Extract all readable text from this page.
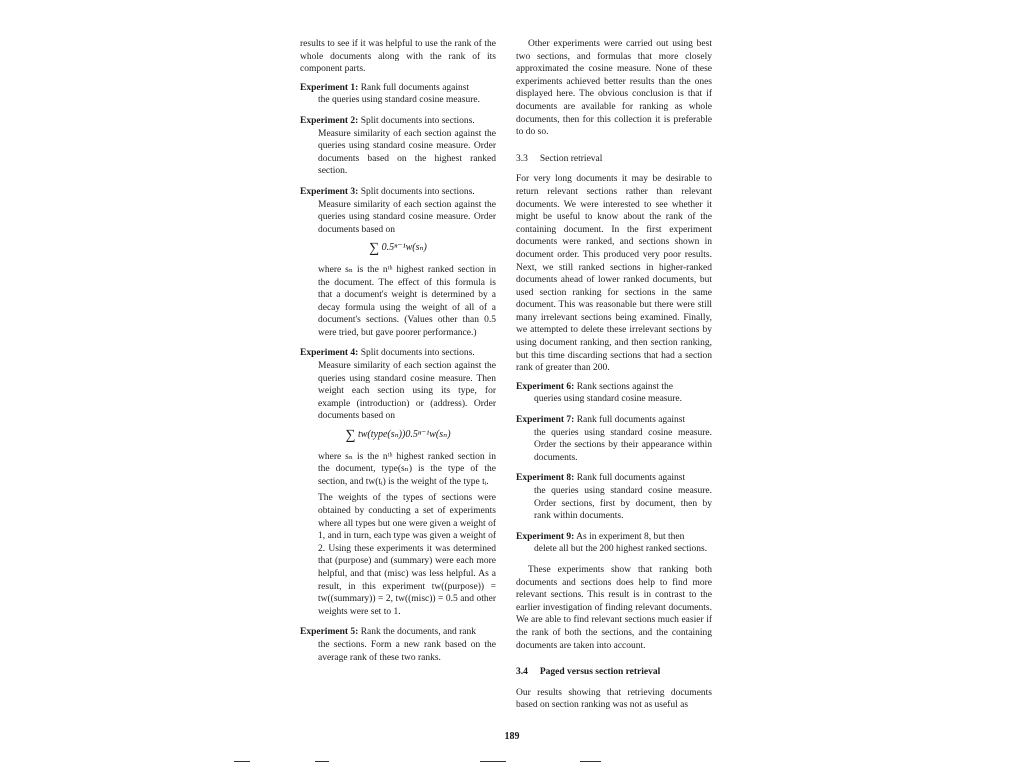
results to see if it was helpful to use the rank of the whole documents along with the rank of its component parts.

Experiment 1: Rank full documents against
the queries using standard cosine measure.
Experiment 2: Split documents into sections.
Measure similarity of each section against the queries using standard cosine measure. Order documents based on the highest ranked section.
Experiment 3: Split documents into sections.
Measure similarity of each section against the queries using standard cosine measure. Order documents based on
∑ 0.5ⁿ⁻¹w(sₙ)
where sₙ is the nᵗʰ highest ranked section in the document. The effect of this formula is that a document's weight is determined by a decay formula using the weight of all of a document's sections. (Values other than 0.5 were tried, but gave poorer performance.)
Experiment 4: Split documents into sections.
Measure similarity of each section against the queries using standard cosine measure. Then weight each section using its type, for example (introduction) or (address). Order documents based on
∑ tw(type(sₙ))0.5ⁿ⁻¹w(sₙ)
where sₙ is the nᵗʰ highest ranked section in the document, type(sₙ) is the type of the section, and tw(tᵢ) is the weight of the type tᵢ.
The weights of the types of sections were obtained by conducting a set of experiments where all types but one were given a weight of 1, and in turn, each type was given a weight of 2. Using these experiments it was determined that (purpose) and (summary) were each more helpful, and that (misc) was less helpful. As a result, in this experiment tw((purpose)) = tw((summary)) = 2, tw((misc)) = 0.5 and other weights were set to 1.
Experiment 5: Rank the documents, and rank
the sections. Form a new rank based on the average rank of these two ranks.

Other experiments were carried out using best two sections, and formulas that more closely approximated the cosine measure. None of these experiments achieved better results than the ones displayed here. The obvious conclusion is that if documents are available for ranking as whole documents, then for this collection it is preferable to do so.

3.3 Section retrieval

For very long documents it may be desirable to return relevant sections rather than relevant documents. We were interested to see whether it might be useful to know about the rank of the containing document. In the first experiment documents were ranked, and sections shown in document order. This produced very poor results. Next, we still ranked sections in higher-ranked documents ahead of lower ranked documents, but used section ranking for sections in the same document. This was reasonable but there were still many irrelevant sections being examined. Finally, we attempted to delete these irrelevant sections by using document ranking, and then section ranking, but this time discarding sections that had a section rank of greater than 200.

Experiment 6: Rank sections against the
queries using standard cosine measure.
Experiment 7: Rank full documents against
the queries using standard cosine measure. Order the sections by their appearance within documents.
Experiment 8: Rank full documents against
the queries using standard cosine measure. Order sections, first by document, then by rank within documents.
Experiment 9: As in experiment 8, but then
delete all but the 200 highest ranked sections.

These experiments show that ranking both documents and sections does help to find more relevant sections. This result is in contrast to the earlier investigation of finding relevant documents. We are able to find relevant sections much easier if the rank of both the sections, and the containing documents are taken into account.

3.4 Paged versus section retrieval

Our results showing that retrieving documents based on section ranking was not as useful as

189
